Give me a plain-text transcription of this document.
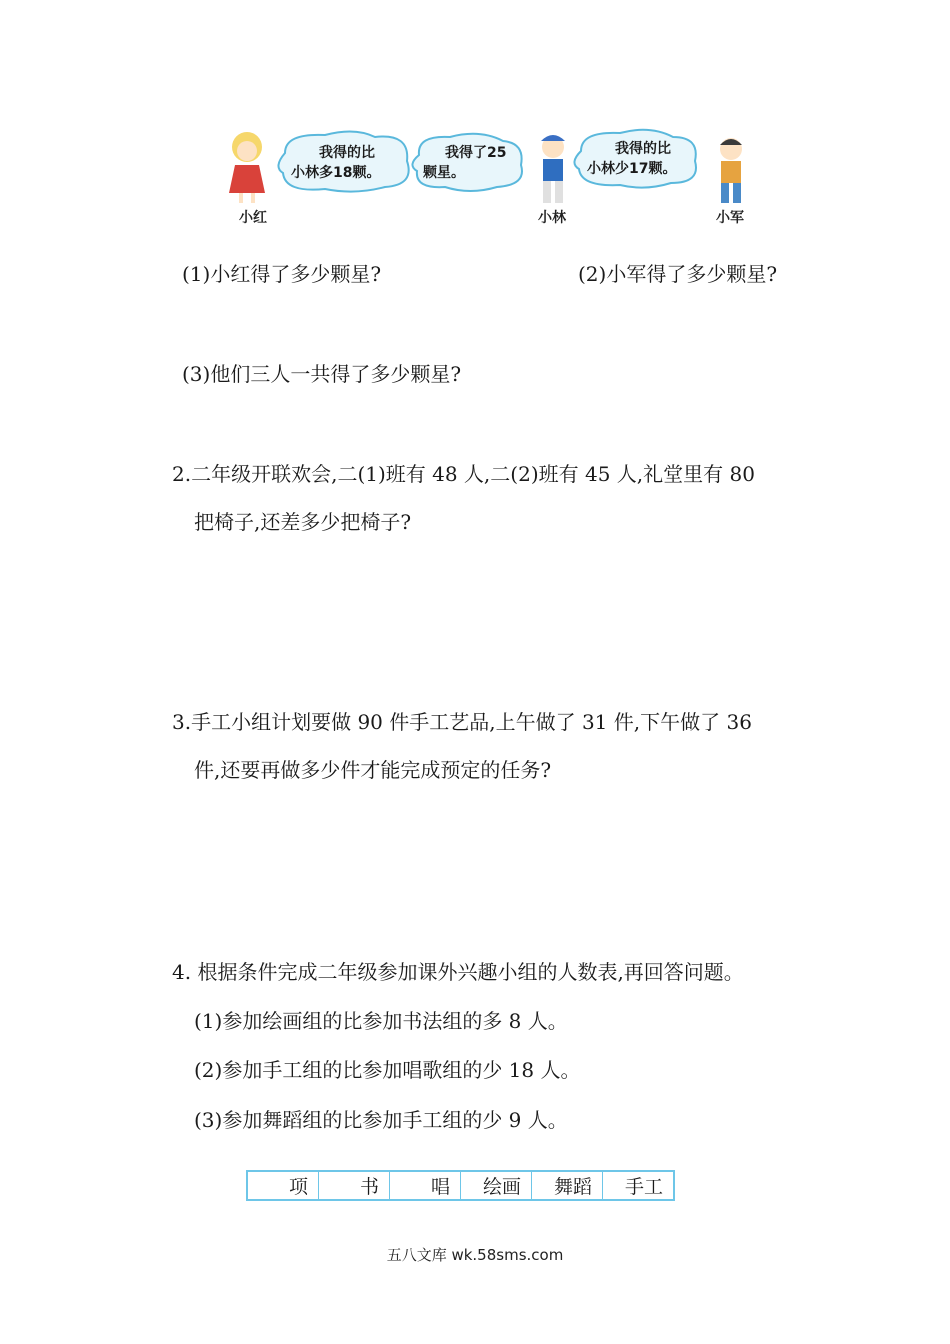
我得的比
小林多18颗。
我得了25
颗星。
我得的比
小林少17颗。
小红	小林	小军
(1)小红得了多少颗星?	(2)小军得了多少颗星?
(3)他们三人一共得了多少颗星?
2.二年级开联欢会,二(1)班有 48 人,二(2)班有 45 人,礼堂里有 80
把椅子,还差多少把椅子?
3.手工小组计划要做 90 件手工艺品,上午做了 31 件,下午做了 36
件,还要再做多少件才能完成预定的任务?
4. 根据条件完成二年级参加课外兴趣小组的人数表,再回答问题。
(1)参加绘画组的比参加书法组的多 8 人。
(2)参加手工组的比参加唱歌组的少 18 人。
(3)参加舞蹈组的比参加手工组的少 9 人。
项	书	唱	绘画	舞蹈	手工
五八文库 wk.58sms.com
